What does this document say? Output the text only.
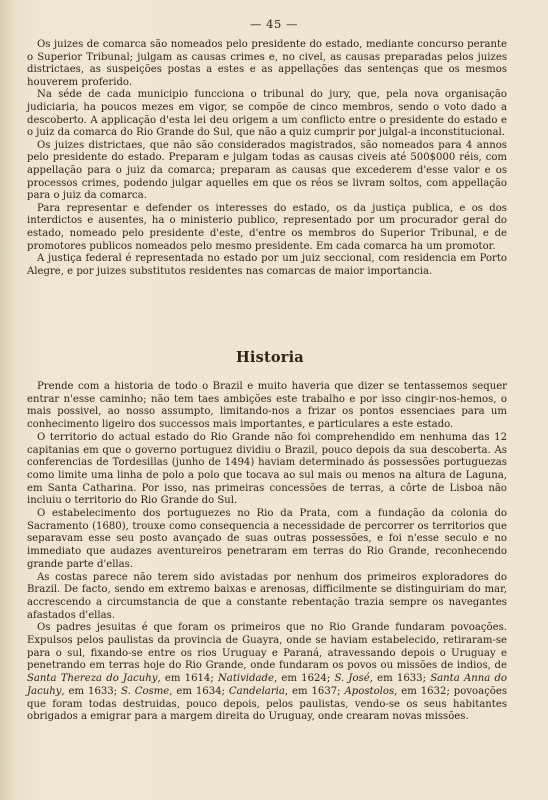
— 45 —

Os juizes de comarca são nomeados pelo presidente do estado, mediante concurso perante o Superior Tribunal; julgam as causas crimes e, no civel, as causas preparadas pelos juizes districtaes, as suspeições postas a estes e as appellações das sentenças que os mesmos houverem proferido.

Na séde de cada municipio funcciona o tribunal do jury, que, pela nova organisação judiciaria, ha poucos mezes em vigor, se compõe de cinco membros, sendo o voto dado a descoberto. A applicação d'esta lei deu origem a um conflicto entre o presidente do estado e o juiz da comarca do Rio Grande do Sul, que não a quiz cumprir por julgal-a inconstitucional.

Os juizes districtaes, que não são considerados magistrados, são nomeados para 4 annos pelo presidente do estado. Preparam e julgam todas as causas civeis até 500$000 réis, com appellação para o juiz da comarca; preparam as causas que excederem d'esse valor e os processos crimes, podendo julgar aquelles em que os réos se livram soltos, com appellação para o juiz da comarca.

Para representar e defender os interesses do estado, os da justiça publica, e os dos interdictos e ausentes, ha o ministerio publico, representado por um procurador geral do estado, nomeado pelo presidente d'este, d'entre os membros do Superior Tribunal, e de promotores publicos nomeados pelo mesmo presidente. Em cada comarca ha um promotor.

A justiça federal é representada no estado por um juiz seccional, com residencia em Porto Alegre, e por juizes substitutos residentes nas comarcas de maior importancia.

Historia

Prende com a historia de todo o Brazil e muito haveria que dizer se tentassemos sequer entrar n'esse caminho; não tem taes ambições este trabalho e por isso cingir-nos-hemos, o mais possivel, ao nosso assumpto, limitando-nos a frizar os pontos essenciaes para um conhecimento ligeiro dos successos mais importantes, e particulares a este estado.

O territorio do actual estado do Rio Grande não foi comprehendido em nenhuma das 12 capitanias em que o governo portuguez dividiu o Brazil, pouco depois da sua descoberta. As conferencias de Tordesillas (junho de 1494) haviam determinado ás possessões portuguezas como limite uma linha de polo a polo que tocava ao sul mais ou menos na altura de Laguna, em Santa Catharina. Por isso, nas primeiras concessões de terras, a côrte de Lisboa não incluiu o territorio do Rio Grande do Sul.

O estabelecimento dos portuguezes no Rio da Prata, com a fundação da colonia do Sacramento (1680), trouxe como consequencia a necessidade de percorrer os territorios que separavam esse seu posto avançado de suas outras possessões, e foi n'esse seculo e no immediato que audazes aventureiros penetraram em terras do Rio Grande, reconhecendo grande parte d'ellas.

As costas parece não terem sido avistadas por nenhum dos primeiros exploradores do Brazil. De facto, sendo em extremo baixas e arenosas, difficilmente se distinguiriam do mar, accrescendo a circumstancia de que a constante rebentação trazia sempre os navegantes afastados d'ellas.

Os padres jesuitas é que foram os primeiros que no Rio Grande fundaram povoações. Expulsos pelos paulistas da provincia de Guayra, onde se haviam estabelecido, retiraram-se para o sul, fixando-se entre os rios Uruguay e Paraná, atravessando depois o Uruguay e penetrando em terras hoje do Rio Grande, onde fundaram os povos ou missões de indios, de Santa Thereza do Jacuhy, em 1614; Natividade, em 1624; S. José, em 1633; Santa Anna do Jacuhy, em 1633; S. Cosme, em 1634; Candelaria, em 1637; Apostolos, em 1632; povoações que foram todas destruidas, pouco depois, pelos paulistas, vendo-se os seus habitantes obrigados a emigrar para a margem direita do Uruguay, onde crearam novas missões.
